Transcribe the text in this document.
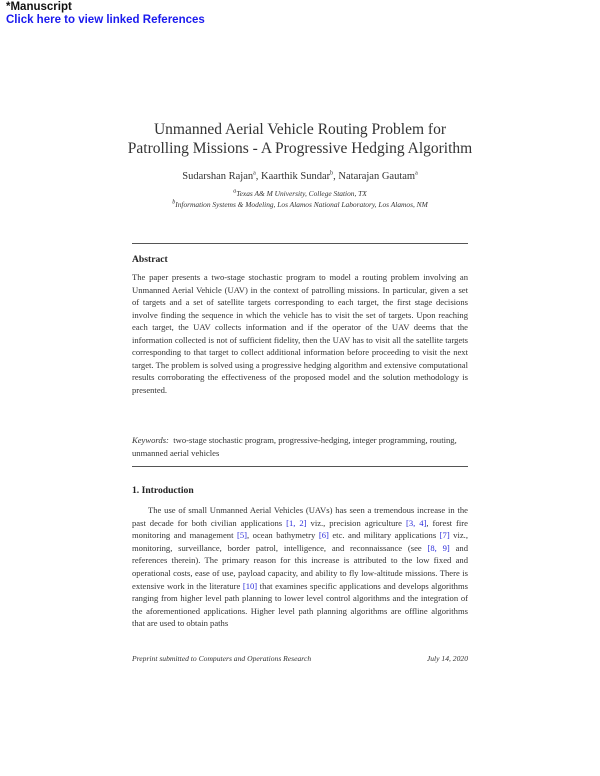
*Manuscript
Click here to view linked References
Unmanned Aerial Vehicle Routing Problem for
Patrolling Missions - A Progressive Hedging Algorithm
Sudarshan Rajan$^a$, Kaarthik Sundar$^b$, Natarajan Gautam$^a$
$^a$Texas A& M University, College Station, TX
$^b$Information Systems & Modeling, Los Alamos National Laboratory, Los Alamos, NM
Abstract

The paper presents a two-stage stochastic program to model a routing problem involving an Unmanned Aerial Vehicle (UAV) in the context of patrolling missions. In particular, given a set of targets and a set of satellite targets corresponding to each target, the first stage decisions involve finding the sequence in which the vehicle has to visit the set of targets. Upon reaching each target, the UAV collects information and if the operator of the UAV deems that the information collected is not of sufficient fidelity, then the UAV has to visit all the satellite targets corresponding to that target to collect additional information before proceeding to visit the next target. The problem is solved using a progressive hedging algorithm and extensive computational results corroborating the effectiveness of the proposed model and the solution methodology is presented.

Keywords: two-stage stochastic program, progressive-hedging, integer programming, routing, unmanned aerial vehicles

1. Introduction

The use of small Unmanned Aerial Vehicles (UAVs) has seen a tremendous increase in the past decade for both civilian applications [1, 2] viz., precision agriculture [3, 4], forest fire monitoring and management [5], ocean bathymetry [6] etc. and military applications [7] viz., monitoring, surveillance, border patrol, intelligence, and reconnaissance (see [8, 9] and references therein). The primary reason for this increase is attributed to the low fixed and operational costs, ease of use, payload capacity, and ability to fly low-altitude missions. There is extensive work in the literature [10] that examines specific applications and develops algorithms ranging from higher level path planning to lower level control algorithms and the integration of the aforementioned applications. Higher level path planning algorithms are offline algorithms that are used to obtain paths

Preprint submitted to Computers and Operations Research	July 14, 2020
